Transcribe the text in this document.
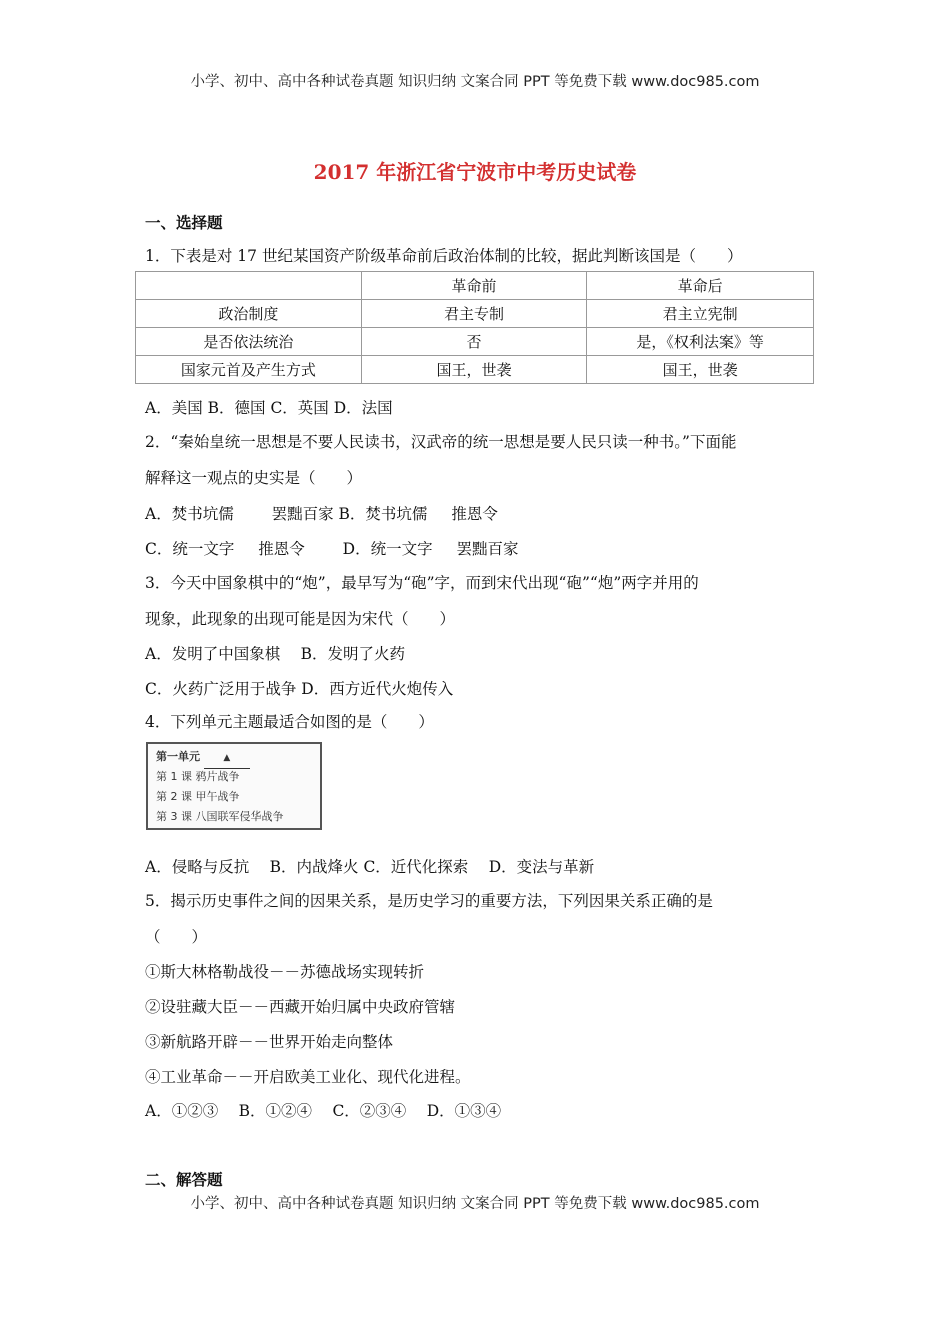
小学、初中、高中各种试卷真题 知识归纳 文案合同 PPT 等免费下载 www.doc985.com
2017 年浙江省宁波市中考历史试卷
一、选择题
1．下表是对 17 世纪某国资产阶级革命前后政治体制的比较，据此判断该国是（　　）
	革命前	革命后
政治制度	君主专制	君主立宪制
是否依法统治	否	是，《权利法案》等
国家元首及产生方式	国王，世袭	国王，世袭
A．美国 B．德国 C．英国 D．法国
2．“秦始皇统一思想是不要人民读书，汉武帝的统一思想是要人民只读一种书。”下面能
解释这一观点的史实是（　　）
A．焚书坑儒 罢黜百家 B．焚书坑儒 推恩令
C．统一文字 推恩令 D．统一文字 罢黜百家
3．今天中国象棋中的“炮”，最早写为“砲”字，而到宋代出现“砲”“炮”两字并用的
现象，此现象的出现可能是因为宋代（　　）
A．发明了中国象棋　 B．发明了火药
C．火药广泛用于战争 D．西方近代火炮传入
4．下列单元主题最适合如图的是（　　）
第一单元	▲
第 1 课 鸦片战争
第 2 课 甲午战争
第 3 课 八国联军侵华战争
A．侵略与反抗　 B．内战烽火 C．近代化探索　 D．变法与革新
5．揭示历史事件之间的因果关系，是历史学习的重要方法，下列因果关系正确的是
（　　）
①斯大林格勒战役－－苏德战场实现转折
②设驻藏大臣－－西藏开始归属中央政府管辖
③新航路开辟－－世界开始走向整体
④工业革命－－开启欧美工业化、现代化进程。
A．①②③　 B．①②④　 C．②③④　 D．①③④
二、解答题
小学、初中、高中各种试卷真题 知识归纳 文案合同 PPT 等免费下载 www.doc985.com
